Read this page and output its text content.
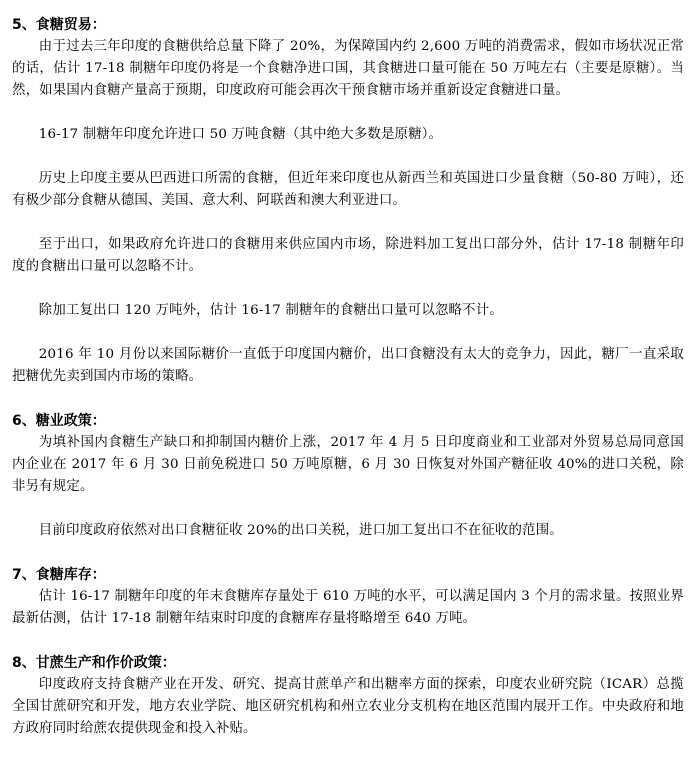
5、食糖贸易：

由于过去三年印度的食糖供给总量下降了 20%，为保障国内约 2,600 万吨的消费需求，假如市场状况正常的话，估计 17-18 制糖年印度仍将是一个食糖净进口国，其食糖进口量可能在 50 万吨左右（主要是原糖）。当然，如果国内食糖产量高于预期，印度政府可能会再次干预食糖市场并重新设定食糖进口量。

16-17 制糖年印度允许进口 50 万吨食糖（其中绝大多数是原糖）。

历史上印度主要从巴西进口所需的食糖，但近年来印度也从新西兰和英国进口少量食糖（50-80 万吨），还有极少部分食糖从德国、美国、意大利、阿联酋和澳大利亚进口。

至于出口，如果政府允许进口的食糖用来供应国内市场，除进料加工复出口部分外，估计 17-18 制糖年印度的食糖出口量可以忽略不计。

除加工复出口 120 万吨外，估计 16-17 制糖年的食糖出口量可以忽略不计。

2016 年 10 月份以来国际糖价一直低于印度国内糖价，出口食糖没有太大的竞争力，因此，糖厂一直采取把糖优先卖到国内市场的策略。

6、糖业政策：

为填补国内食糖生产缺口和抑制国内糖价上涨，2017 年 4 月 5 日印度商业和工业部对外贸易总局同意国内企业在 2017 年 6 月 30 日前免税进口 50 万吨原糖，6 月 30 日恢复对外国产糖征收 40%的进口关税，除非另有规定。

目前印度政府依然对出口食糖征收 20%的出口关税，进口加工复出口不在征收的范围。

7、食糖库存：

估计 16-17 制糖年印度的年末食糖库存量处于 610 万吨的水平，可以满足国内 3 个月的需求量。按照业界最新估测，估计 17-18 制糖年结束时印度的食糖库存量将略增至 640 万吨。

8、甘蔗生产和作价政策：

印度政府支持食糖产业在开发、研究、提高甘蔗单产和出糖率方面的探索，印度农业研究院（ICAR）总揽全国甘蔗研究和开发，地方农业学院、地区研究机构和州立农业分支机构在地区范围内展开工作。中央政府和地方政府同时给蔗农提供现金和投入补贴。
